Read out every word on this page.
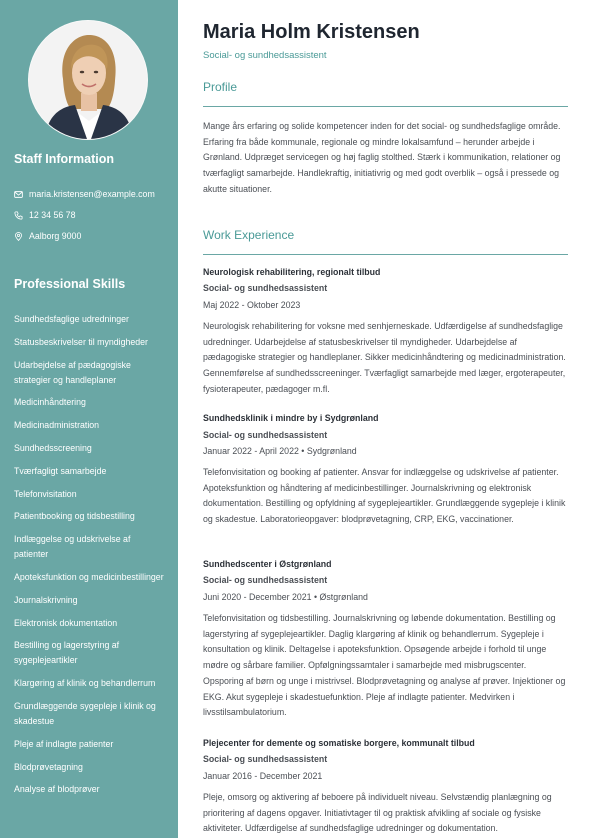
Staff Information
maria.kristensen@example.com
12 34 56 78
Aalborg 9000
Professional Skills
Sundhedsfaglige udredninger
Statusbeskrivelser til myndigheder
Udarbejdelse af pædagogiske strategier og handleplaner
Medicinhåndtering
Medicinadministration
Sundhedsscreening
Tværfagligt samarbejde
Telefonvisitation
Patientbooking og tidsbestilling
Indlæggelse og udskrivelse af patienter
Apoteksfunktion og medicinbestillinger
Journalskrivning
Elektronisk dokumentation
Bestilling og lagerstyring af sygeplejeartikler
Klargøring af klinik og behandlerrum
Grundlæggende sygepleje i klinik og skadestue
Pleje af indlagte patienter
Blodprøvetagning
Analyse af blodprøver
Maria Holm Kristensen
Social- og sundhedsassistent
Profile

Mange års erfaring og solide kompetencer inden for det social- og sundhedsfaglige område. Erfaring fra både kommunale, regionale og mindre lokalsamfund – herunder arbejde i Grønland. Udpræget servicegen og høj faglig stolthed. Stærk i kommunikation, relationer og tværfagligt samarbejde. Handlekraftig, initiativrig og med godt overblik – også i pressede og akutte situationer.

Work Experience
Neurologisk rehabilitering, regionalt tilbud
Social- og sundhedsassistent
Maj 2022 - Oktober 2023

Neurologisk rehabilitering for voksne med senhjerneskade. Udfærdigelse af sundhedsfaglige udredninger. Udarbejdelse af statusbeskrivelser til myndigheder. Udarbejdelse af pædagogiske strategier og handleplaner. Sikker medicinhåndtering og medicinadministration. Gennemførelse af sundhedsscreeninger. Tværfagligt samarbejde med læger, ergoterapeuter, fysioterapeuter, pædagoger m.fl.

Sundhedsklinik i mindre by i Sydgrønland
Social- og sundhedsassistent
Januar 2022 - April 2022 • Sydgrønland

Telefonvisitation og booking af patienter. Ansvar for indlæggelse og udskrivelse af patienter. Apoteksfunktion og håndtering af medicinbestillinger. Journalskrivning og elektronisk dokumentation. Bestilling og opfyldning af sygeplejeartikler. Grundlæggende sygepleje i klinik og skadestue. Laboratorieopgaver: blodprøvetagning, CRP, EKG, vaccinationer.

Sundhedscenter i Østgrønland
Social- og sundhedsassistent
Juni 2020 - December 2021 • Østgrønland

Telefonvisitation og tidsbestilling. Journalskrivning og løbende dokumentation. Bestilling og lagerstyring af sygeplejeartikler. Daglig klargøring af klinik og behandlerrum. Sygepleje i konsultation og klinik. Deltagelse i apoteksfunktion. Opsøgende arbejde i forhold til unge mødre og sårbare familier. Opfølgningssamtaler i samarbejde med misbrugscenter. Opsporing af børn og unge i mistrivsel. Blodprøvetagning og analyse af prøver. Injektioner og EKG. Akut sygepleje i skadestuefunktion. Pleje af indlagte patienter. Medvirken i livsstilsambulatorium.

Plejecenter for demente og somatiske borgere, kommunalt tilbud
Social- og sundhedsassistent
Januar 2016 - December 2021

Pleje, omsorg og aktivering af beboere på individuelt niveau. Selvstændig planlægning og prioritering af dagens opgaver. Initiativtager til og praktisk afvikling af sociale og fysiske aktiviteter. Udfærdigelse af sundhedsfaglige udredninger og dokumentation.
